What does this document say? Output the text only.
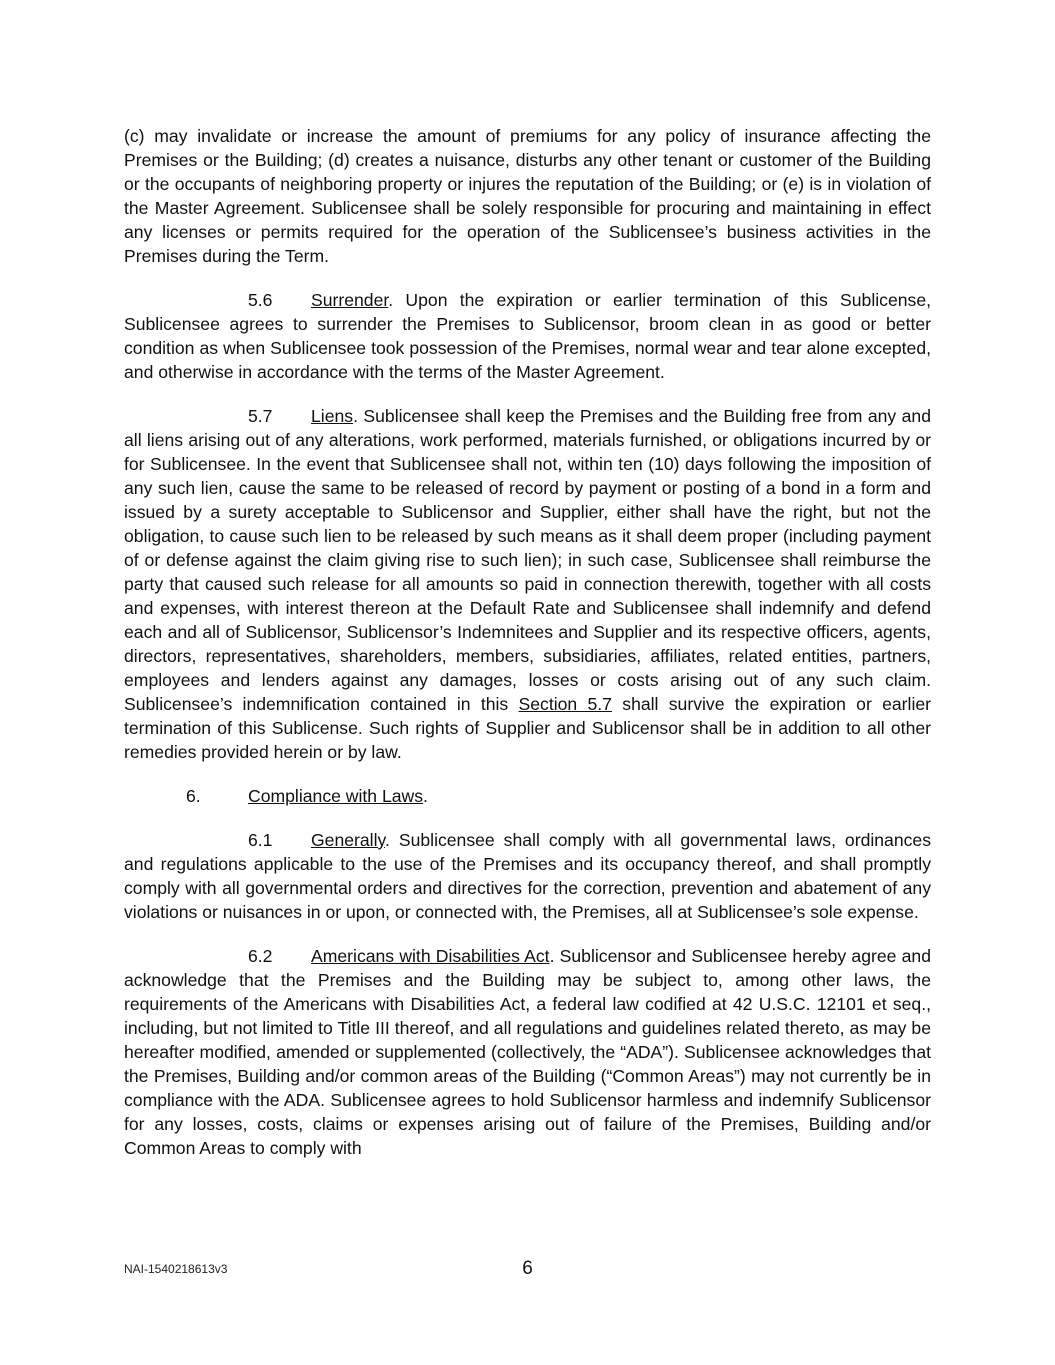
(c) may invalidate or increase the amount of premiums for any policy of insurance affecting the Premises or the Building; (d) creates a nuisance, disturbs any other tenant or customer of the Building or the occupants of neighboring property or injures the reputation of the Building; or (e) is in violation of the Master Agreement. Sublicensee shall be solely responsible for procuring and maintaining in effect any licenses or permits required for the operation of the Sublicensee’s business activities in the Premises during the Term.

5.6 Surrender. Upon the expiration or earlier termination of this Sublicense, Sublicensee agrees to surrender the Premises to Sublicensor, broom clean in as good or better condition as when Sublicensee took possession of the Premises, normal wear and tear alone excepted, and otherwise in accordance with the terms of the Master Agreement.

5.7 Liens. Sublicensee shall keep the Premises and the Building free from any and all liens arising out of any alterations, work performed, materials furnished, or obligations incurred by or for Sublicensee. In the event that Sublicensee shall not, within ten (10) days following the imposition of any such lien, cause the same to be released of record by payment or posting of a bond in a form and issued by a surety acceptable to Sublicensor and Supplier, either shall have the right, but not the obligation, to cause such lien to be released by such means as it shall deem proper (including payment of or defense against the claim giving rise to such lien); in such case, Sublicensee shall reimburse the party that caused such release for all amounts so paid in connection therewith, together with all costs and expenses, with interest thereon at the Default Rate and Sublicensee shall indemnify and defend each and all of Sublicensor, Sublicensor’s Indemnitees and Supplier and its respective officers, agents, directors, representatives, shareholders, members, subsidiaries, affiliates, related entities, partners, employees and lenders against any damages, losses or costs arising out of any such claim. Sublicensee’s indemnification contained in this Section 5.7 shall survive the expiration or earlier termination of this Sublicense. Such rights of Supplier and Sublicensor shall be in addition to all other remedies provided herein or by law.

6.	Compliance with Laws.

6.1 Generally. Sublicensee shall comply with all governmental laws, ordinances and regulations applicable to the use of the Premises and its occupancy thereof, and shall promptly comply with all governmental orders and directives for the correction, prevention and abatement of any violations or nuisances in or upon, or connected with, the Premises, all at Sublicensee’s sole expense.

6.2 Americans with Disabilities Act. Sublicensor and Sublicensee hereby agree and acknowledge that the Premises and the Building may be subject to, among other laws, the requirements of the Americans with Disabilities Act, a federal law codified at 42 U.S.C. 12101 et seq., including, but not limited to Title III thereof, and all regulations and guidelines related thereto, as may be hereafter modified, amended or supplemented (collectively, the “ADA”). Sublicensee acknowledges that the Premises, Building and/or common areas of the Building (“Common Areas”) may not currently be in compliance with the ADA. Sublicensee agrees to hold Sublicensor harmless and indemnify Sublicensor for any losses, costs, claims or expenses arising out of failure of the Premises, Building and/or Common Areas to comply with

NAI-1540218613v3	6
